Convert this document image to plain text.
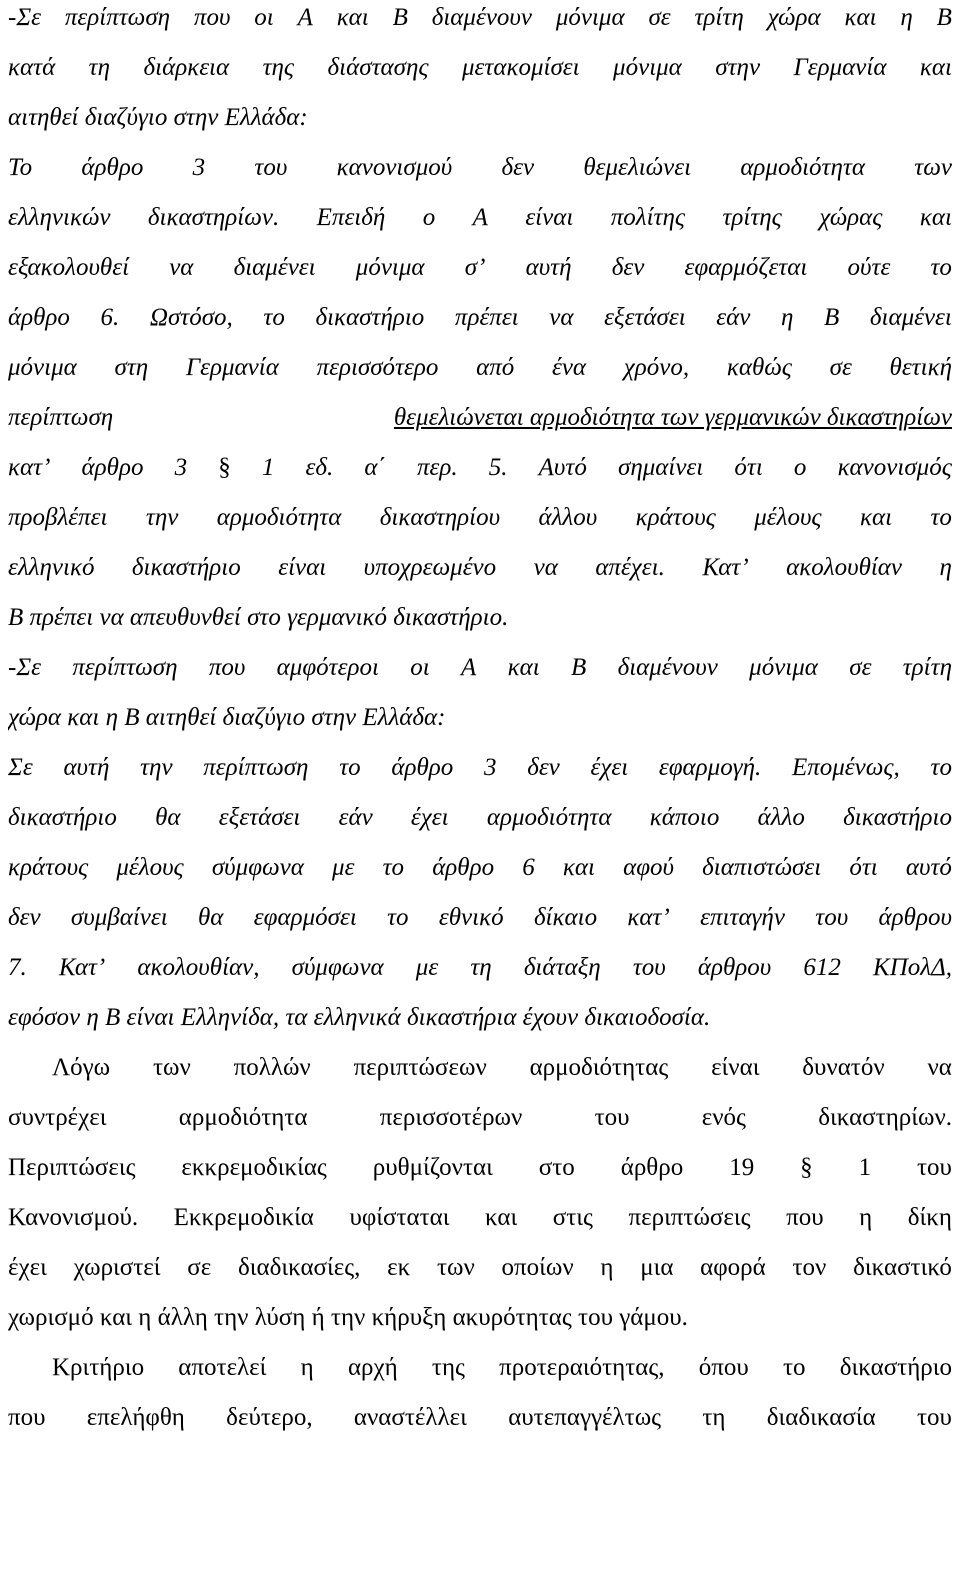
-Σε περίπτωση που οι Α και Β διαμένουν μόνιμα σε τρίτη χώρα και η Β
κατά τη διάρκεια της διάστασης μετακομίσει μόνιμα στην Γερμανία και
αιτηθεί διαζύγιο στην Ελλάδα:
Το άρθρο 3 του κανονισμού δεν θεμελιώνει αρμοδιότητα των
ελληνικών δικαστηρίων. Επειδή ο Α είναι πολίτης τρίτης χώρας και
εξακολουθεί να διαμένει μόνιμα σ’ αυτή δεν εφαρμόζεται ούτε το
άρθρο 6. Ωστόσο, το δικαστήριο πρέπει να εξετάσει εάν η Β διαμένει
μόνιμα στη Γερμανία περισσότερο από ένα χρόνο, καθώς σε θετική
περίπτωση	θεμελιώνεται αρμοδιότητα των γερμανικών δικαστηρίων
κατ’ άρθρο 3 § 1 εδ. α΄ περ. 5. Αυτό σημαίνει ότι ο κανονισμός
προβλέπει την αρμοδιότητα δικαστηρίου άλλου κράτους μέλους και το
ελληνικό δικαστήριο είναι υποχρεωμένο να απέχει. Κατ’ ακολουθίαν η
Β πρέπει να απευθυνθεί στο γερμανικό δικαστήριο.
-Σε περίπτωση που αμφότεροι οι Α και Β διαμένουν μόνιμα σε τρίτη
χώρα και η Β αιτηθεί διαζύγιο στην Ελλάδα:
Σε αυτή την περίπτωση το άρθρο 3 δεν έχει εφαρμογή. Επομένως, το
δικαστήριο θα εξετάσει εάν έχει αρμοδιότητα κάποιο άλλο δικαστήριο
κράτους μέλους σύμφωνα με το άρθρο 6 και αφού διαπιστώσει ότι αυτό
δεν συμβαίνει θα εφαρμόσει το εθνικό δίκαιο κατ’ επιταγήν του άρθρου
7. Κατ’ ακολουθίαν, σύμφωνα με τη διάταξη του άρθρου 612 ΚΠολΔ,
εφόσον η Β είναι Ελληνίδα, τα ελληνικά δικαστήρια έχουν δικαιοδοσία.
Λόγω των πολλών περιπτώσεων αρμοδιότητας είναι δυνατόν να
συντρέχει	αρμοδιότητα	περισσοτέρων	του	ενός	δικαστηρίων.
Περιπτώσεις εκκρεμοδικίας ρυθμίζονται στο άρθρο 19 § 1 του
Κανονισμού. Εκκρεμοδικία υφίσταται και στις περιπτώσεις που η δίκη
έχει χωριστεί σε διαδικασίες, εκ των οποίων η μια αφορά τον δικαστικό
χωρισμό και η άλλη την λύση ή την κήρυξη ακυρότητας του γάμου.
Κριτήριο αποτελεί η αρχή της προτεραιότητας, όπου το δικαστήριο
που επελήφθη δεύτερο, αναστέλλει αυτεπαγγέλτως τη διαδικασία του
